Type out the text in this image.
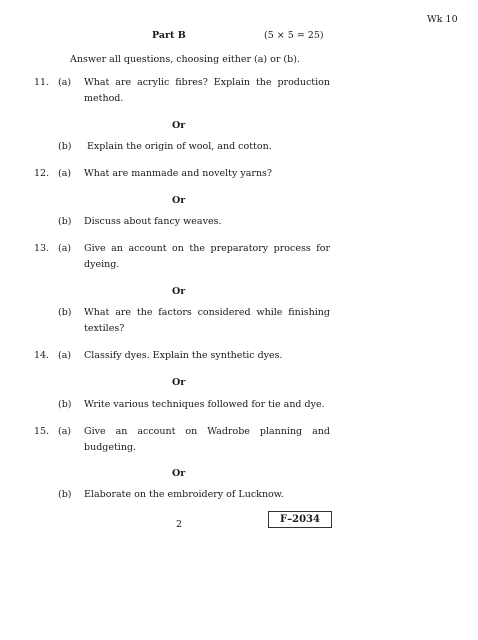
Wk 10
Part B	(5 × 5 = 25)
Answer all questions, choosing either (a) or (b).
11. (a) What are acrylic fibres? Explain the production
method.
Or
(b) Explain the origin of wool, and cotton.
12. (a) What are manmade and novelty yarns?
Or
(b) Discuss about fancy weaves.
13. (a) Give an account on the preparatory process for
dyeing.
Or
(b) What are the factors considered while finishing
textiles?
14. (a) Classify dyes. Explain the synthetic dyes.
Or
(b) Write various techniques followed for tie and dye.
15. (a) Give an account on Wadrobe planning and
budgeting.
Or
(b) Elaborate on the embroidery of Lucknow.
2	F–2034
